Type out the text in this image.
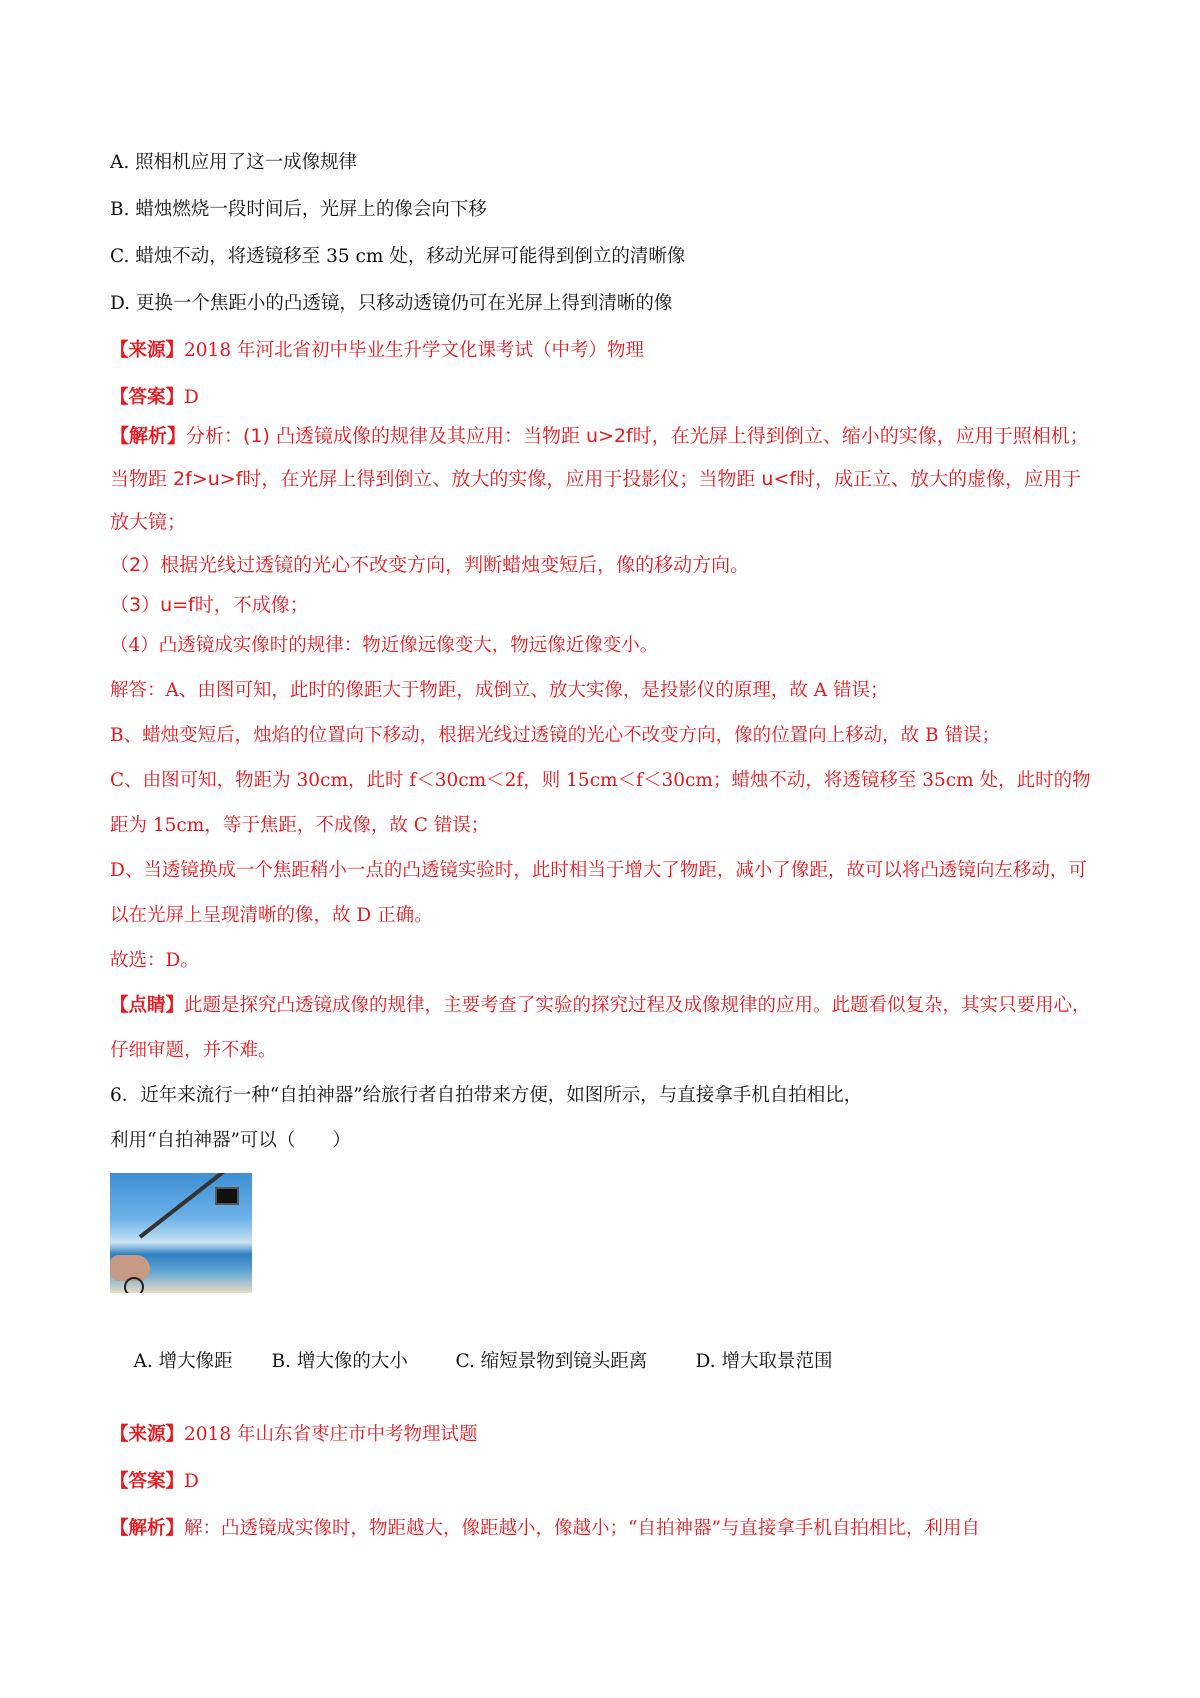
A. 照相机应用了这一成像规律
B. 蜡烛燃烧一段时间后，光屏上的像会向下移
C. 蜡烛不动，将透镜移至 35 cm 处，移动光屏可能得到倒立的清晰像
D. 更换一个焦距小的凸透镜，只移动透镜仍可在光屏上得到清晰的像
【来源】2018 年河北省初中毕业生升学文化课考试（中考）物理
【答案】D

【解析】分析：(1) 凸透镜成像的规律及其应用：当物距 u>2f时，在光屏上得到倒立、缩小的实像，应用于照相机；当物距 2f>u>f时，在光屏上得到倒立、放大的实像，应用于投影仪；当物距 u<f时，成正立、放大的虚像，应用于放大镜；

（2）根据光线过透镜的光心不改变方向，判断蜡烛变短后，像的移动方向。

（3）u=f时，不成像；

（4）凸透镜成实像时的规律：物近像远像变大，物远像近像变小。

解答：A、由图可知，此时的像距大于物距，成倒立、放大实像，是投影仪的原理，故 A 错误；

B、蜡烛变短后，烛焰的位置向下移动，根据光线过透镜的光心不改变方向，像的位置向上移动，故 B 错误；

C、由图可知，物距为 30cm，此时 f＜30cm＜2f，则 15cm＜f＜30cm；蜡烛不动，将透镜移至 35cm 处，此时的物距为 15cm，等于焦距，不成像，故 C 错误；

D、当透镜换成一个焦距稍小一点的凸透镜实验时，此时相当于增大了物距，减小了像距，故可以将凸透镜向左移动，可以在光屏上呈现清晰的像，故 D 正确。

故选：D。

【点睛】此题是探究凸透镜成像的规律，主要考查了实验的探究过程及成像规律的应用。此题看似复杂，其实只要用心，仔细审题，并不难。

6．近年来流行一种“自拍神器”给旅行者自拍带来方便，如图所示，与直接拿手机自拍相比，

利用“自拍神器”可以（　　）

A. 增大像距 B. 增大像的大小	C. 缩短景物到镜头距离	D. 增大取景范围

【来源】2018 年山东省枣庄市中考物理试题
【答案】D
【解析】解：凸透镜成实像时，物距越大，像距越小，像越小；“自拍神器”与直接拿手机自拍相比，利用自
